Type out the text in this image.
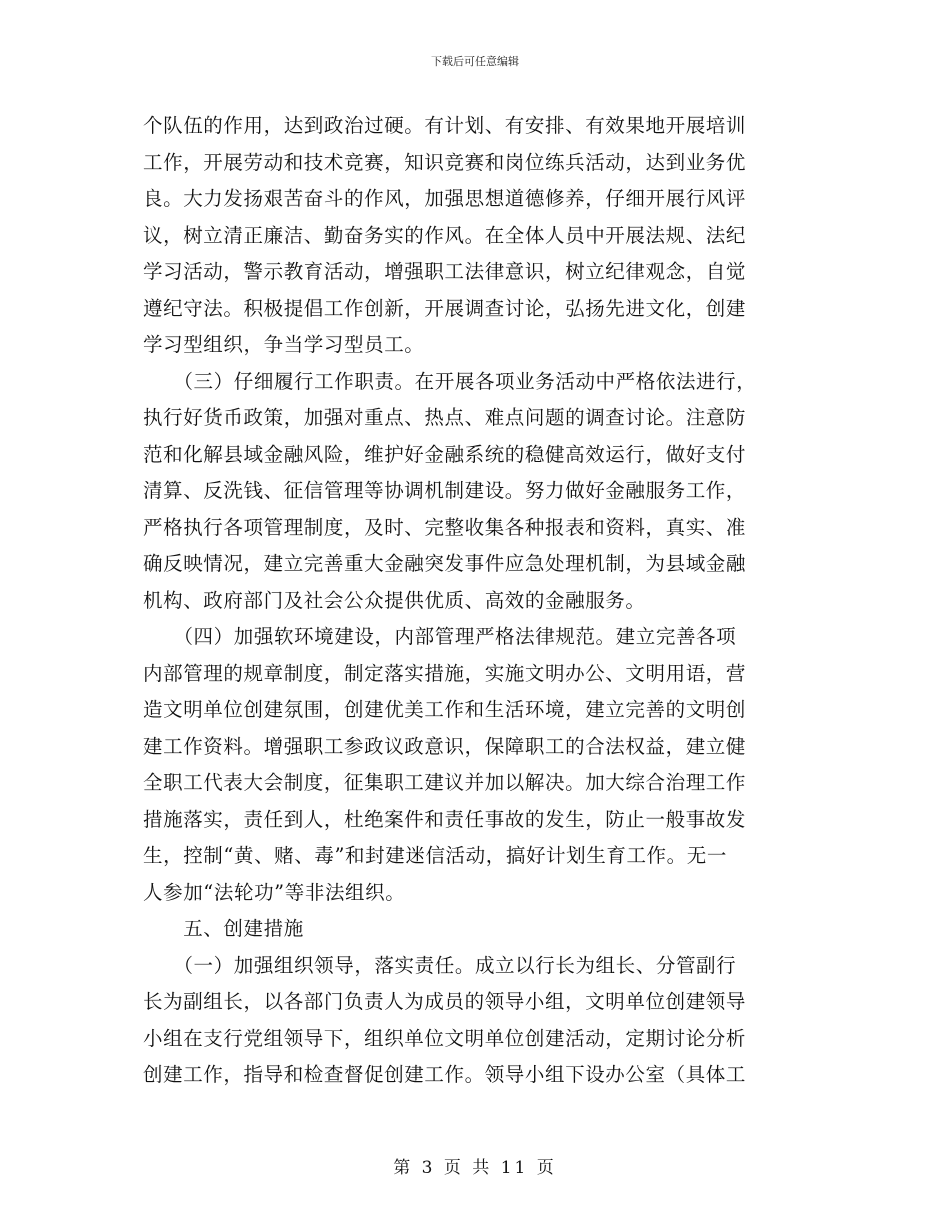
下载后可任意编辑
个队伍的作用，达到政治过硬。有计划、有安排、有效果地开展培训
工作，开展劳动和技术竞赛，知识竞赛和岗位练兵活动，达到业务优
良。大力发扬艰苦奋斗的作风，加强思想道德修养，仔细开展行风评
议，树立清正廉洁、勤奋务实的作风。在全体人员中开展法规、法纪
学习活动，警示教育活动，增强职工法律意识，树立纪律观念，自觉
遵纪守法。积极提倡工作创新，开展调查讨论，弘扬先进文化，创建
学习型组织，争当学习型员工。
　　（三）仔细履行工作职责。在开展各项业务活动中严格依法进行，
执行好货币政策，加强对重点、热点、难点问题的调查讨论。注意防
范和化解县域金融风险，维护好金融系统的稳健高效运行，做好支付
清算、反洗钱、征信管理等协调机制建设。努力做好金融服务工作，
严格执行各项管理制度，及时、完整收集各种报表和资料，真实、准
确反映情况，建立完善重大金融突发事件应急处理机制，为县域金融
机构、政府部门及社会公众提供优质、高效的金融服务。
　　（四）加强软环境建设，内部管理严格法律规范。建立完善各项
内部管理的规章制度，制定落实措施，实施文明办公、文明用语，营
造文明单位创建氛围，创建优美工作和生活环境，建立完善的文明创
建工作资料。增强职工参政议政意识，保障职工的合法权益，建立健
全职工代表大会制度，征集职工建议并加以解决。加大综合治理工作
措施落实，责任到人，杜绝案件和责任事故的发生，防止一般事故发
生，控制“黄、赌、毒”和封建迷信活动，搞好计划生育工作。无一
人参加“法轮功”等非法组织。
　　五、创建措施
　　（一）加强组织领导，落实责任。成立以行长为组长、分管副行
长为副组长，以各部门负责人为成员的领导小组，文明单位创建领导
小组在支行党组领导下，组织单位文明单位创建活动，定期讨论分析
创建工作，指导和检查督促创建工作。领导小组下设办公室（具体工
第 3 页 共 11 页
